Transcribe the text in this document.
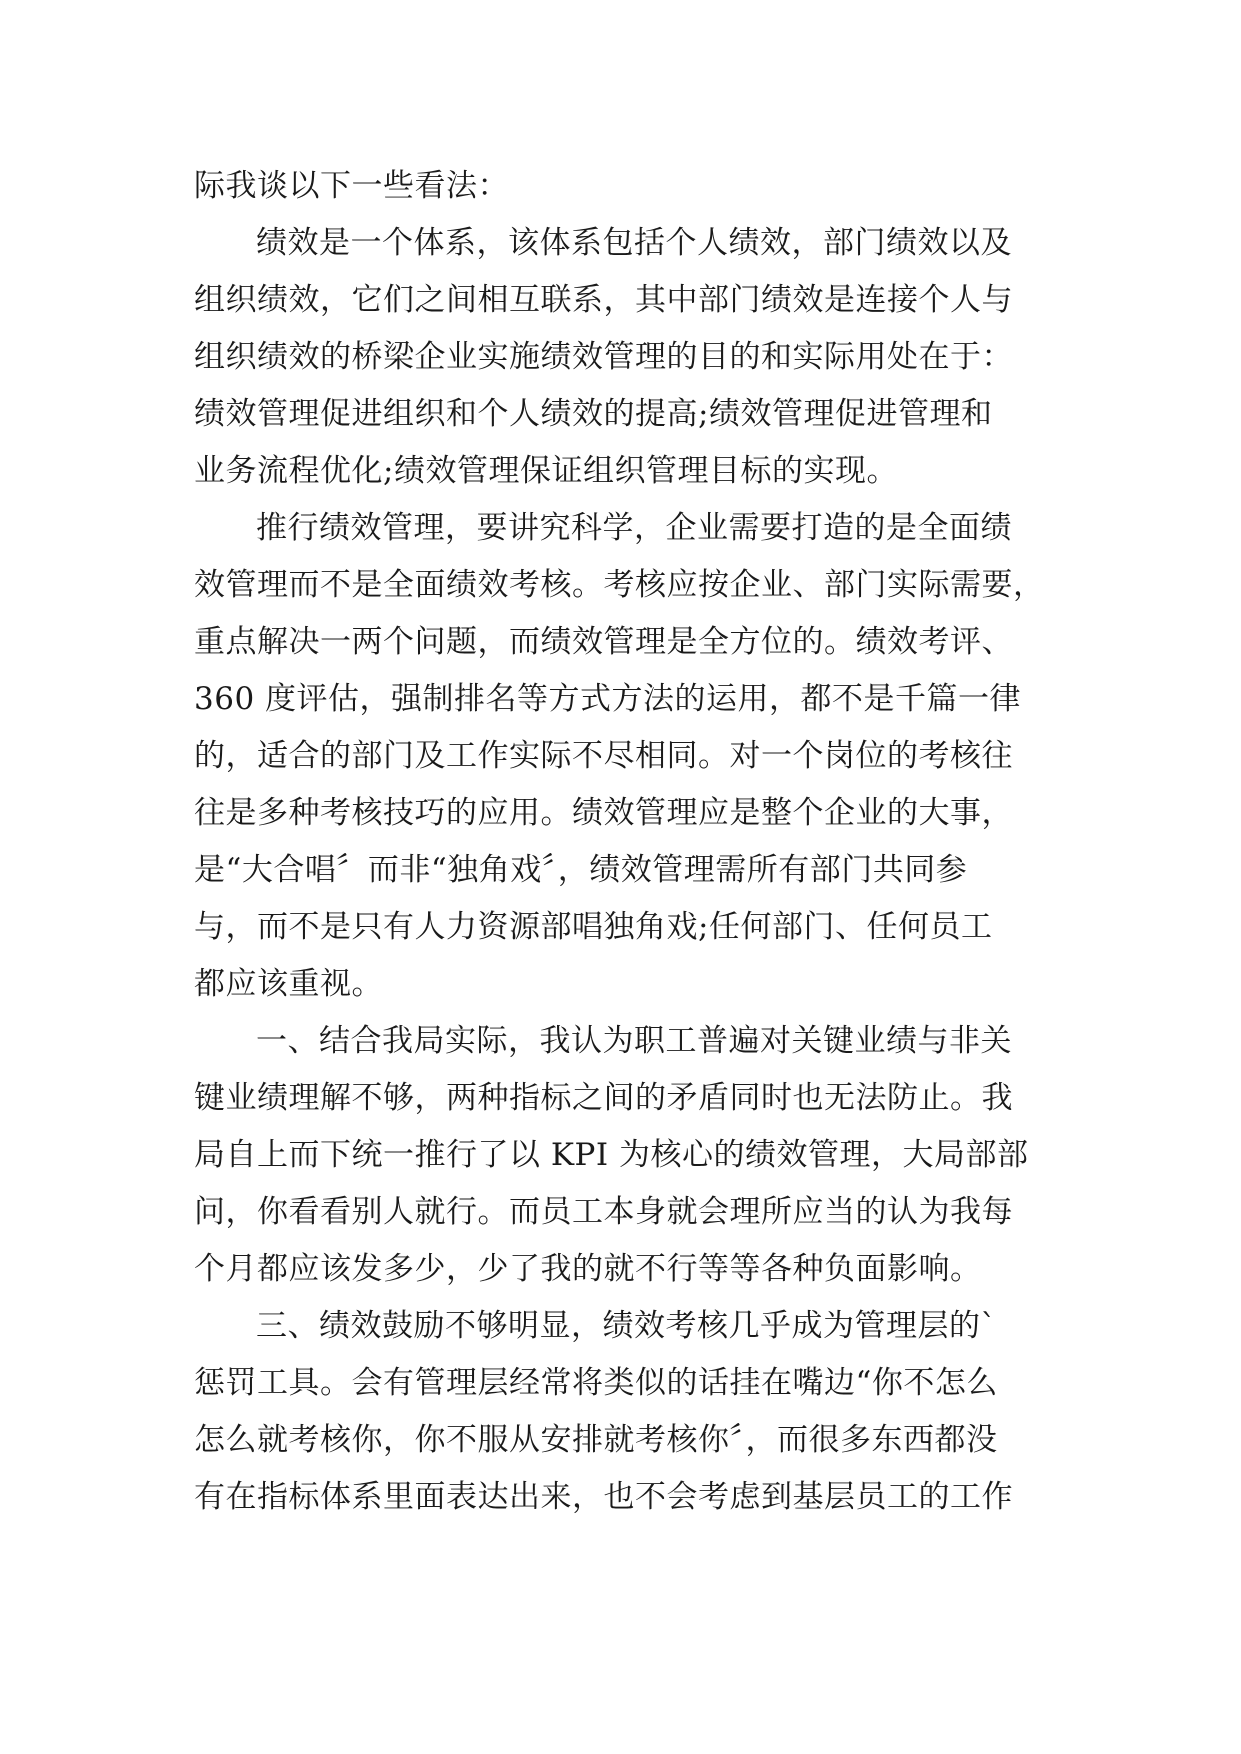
际我谈以下一些看法：
绩效是一个体系，该体系包括个人绩效，部门绩效以及
组织绩效，它们之间相互联系，其中部门绩效是连接个人与
组织绩效的桥梁企业实施绩效管理的目的和实际用处在于：
绩效管理促进组织和个人绩效的提高;绩效管理促进管理和
业务流程优化;绩效管理保证组织管理目标的实现。
推行绩效管理，要讲究科学，企业需要打造的是全面绩
效管理而不是全面绩效考核。考核应按企业、部门实际需要，
重点解决一两个问题，而绩效管理是全方位的。绩效考评、
360 度评估，强制排名等方式方法的运用，都不是千篇一律
的，适合的部门及工作实际不尽相同。对一个岗位的考核往
往是多种考核技巧的应用。绩效管理应是整个企业的大事，
是“大合唱〞而非“独角戏〞，绩效管理需所有部门共同参
与，而不是只有人力资源部唱独角戏;任何部门、任何员工
都应该重视。
一、结合我局实际，我认为职工普遍对关键业绩与非关
键业绩理解不够，两种指标之间的矛盾同时也无法防止。我
局自上而下统一推行了以 KPI 为核心的绩效管理，大局部部
问，你看看别人就行。而员工本身就会理所应当的认为我每
个月都应该发多少，少了我的就不行等等各种负面影响。
三、绩效鼓励不够明显，绩效考核几乎成为管理层的`
惩罚工具。会有管理层经常将类似的话挂在嘴边“你不怎么
怎么就考核你，你不服从安排就考核你〞，而很多东西都没
有在指标体系里面表达出来，也不会考虑到基层员工的工作
